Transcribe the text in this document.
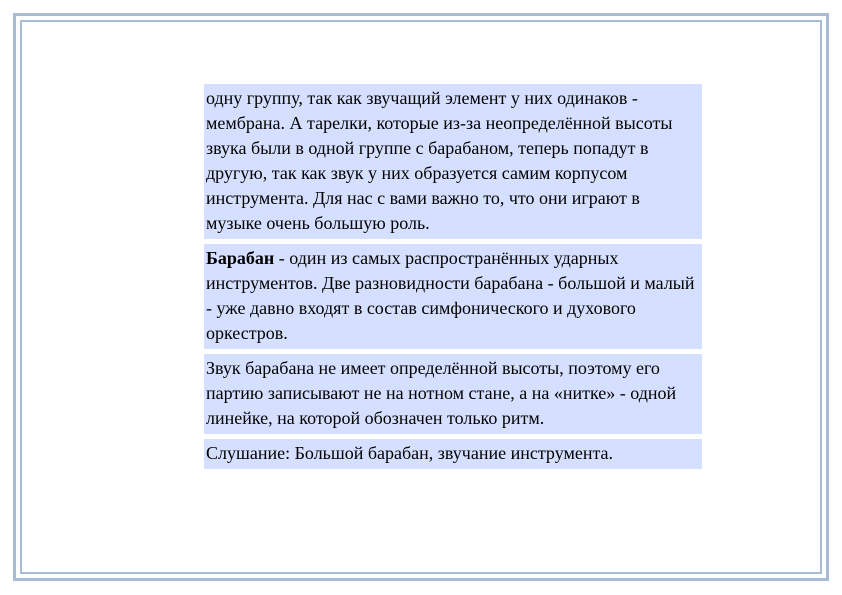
одну группу, так как звучащий элемент у них одинаков - мембрана. А тарелки, которые из-за неопределённой высоты звука были в одной группе с барабаном, теперь попадут в другую, так как звук у них образуется самим корпусом инструмента. Для нас с вами важно то, что они играют в музыке очень большую роль.

Барабан - один из самых распространённых ударных инструментов. Две разновидности барабана - большой и малый - уже давно входят в состав симфонического и духового оркестров.

Звук барабана не имеет определённой высоты, поэтому его партию записывают не на нотном стане, а на «нитке» - одной линейке, на которой обозначен только ритм.

Слушание: Большой барабан, звучание инструмента.
